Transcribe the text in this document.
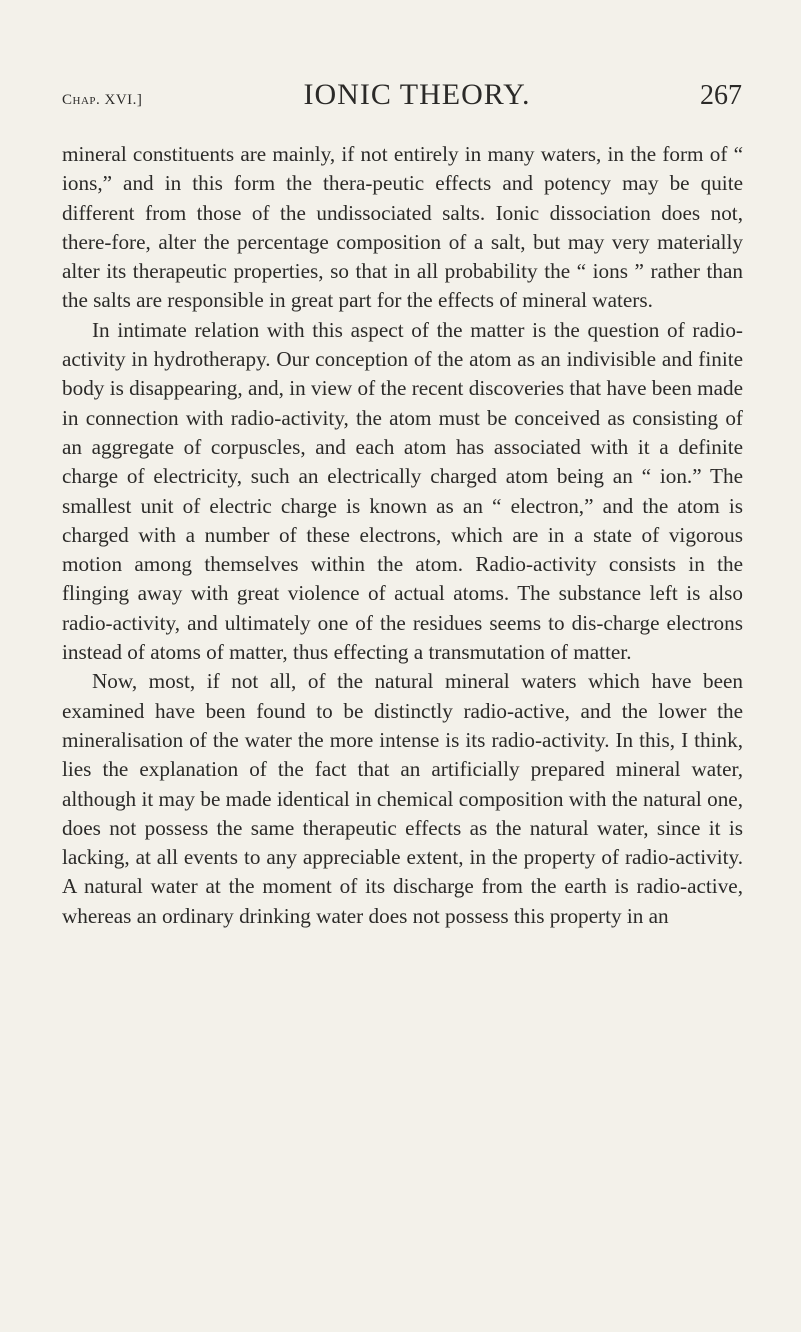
Chap. XVI.]	IONIC THEORY.	267

mineral constituents are mainly, if not entirely in many waters, in the form of “ ions,” and in this form the thera-peutic effects and potency may be quite different from those of the undissociated salts. Ionic dissociation does not, there-fore, alter the percentage composition of a salt, but may very materially alter its therapeutic properties, so that in all probability the “ ions ” rather than the salts are responsible in great part for the effects of mineral waters.

In intimate relation with this aspect of the matter is the question of radio-activity in hydrotherapy. Our conception of the atom as an indivisible and finite body is disappearing, and, in view of the recent discoveries that have been made in connection with radio-activity, the atom must be conceived as consisting of an aggregate of corpuscles, and each atom has associated with it a definite charge of electricity, such an electrically charged atom being an “ ion.” The smallest unit of electric charge is known as an “ electron,” and the atom is charged with a number of these electrons, which are in a state of vigorous motion among themselves within the atom. Radio-activity consists in the flinging away with great violence of actual atoms. The substance left is also radio-activity, and ultimately one of the residues seems to dis-charge electrons instead of atoms of matter, thus effecting a transmutation of matter.

Now, most, if not all, of the natural mineral waters which have been examined have been found to be distinctly radio-active, and the lower the mineralisation of the water the more intense is its radio-activity. In this, I think, lies the explanation of the fact that an artificially prepared mineral water, although it may be made identical in chemical composition with the natural one, does not possess the same therapeutic effects as the natural water, since it is lacking, at all events to any appreciable extent, in the property of radio-activity. A natural water at the moment of its discharge from the earth is radio-active, whereas an ordinary drinking water does not possess this property in an
